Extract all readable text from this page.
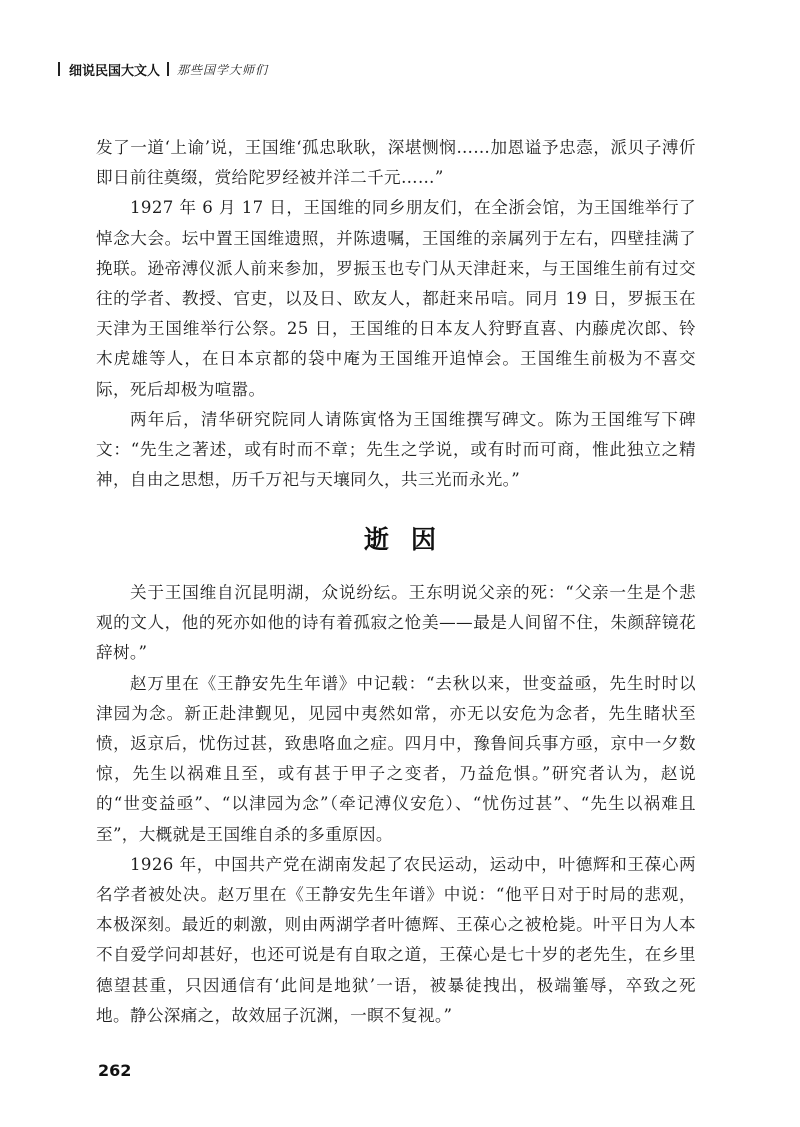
细说民国大文人 那些国学大师们

发了一道‘上谕’说，王国维‘孤忠耿耿，深堪恻悯……加恩谥予忠悫，派贝子溥伒即日前往奠缀，赏给陀罗经被并洋二千元……”

1927 年 6 月 17 日，王国维的同乡朋友们，在全浙会馆，为王国维举行了悼念大会。坛中置王国维遗照，并陈遗嘱，王国维的亲属列于左右，四壁挂满了挽联。逊帝溥仪派人前来参加，罗振玉也专门从天津赶来，与王国维生前有过交往的学者、教授、官吏，以及日、欧友人，都赶来吊唁。同月 19 日，罗振玉在天津为王国维举行公祭。25 日，王国维的日本友人狩野直喜、内藤虎次郎、铃木虎雄等人，在日本京都的袋中庵为王国维开追悼会。王国维生前极为不喜交际，死后却极为喧嚣。

两年后，清华研究院同人请陈寅恪为王国维撰写碑文。陈为王国维写下碑文：“先生之著述，或有时而不章；先生之学说，或有时而可商，惟此独立之精神，自由之思想，历千万祀与天壤同久，共三光而永光。”

逝因

关于王国维自沉昆明湖，众说纷纭。王东明说父亲的死：“父亲一生是个悲观的文人，他的死亦如他的诗有着孤寂之怆美——最是人间留不住，朱颜辞镜花辞树。”

赵万里在《王静安先生年谱》中记载：“去秋以来，世变益亟，先生时时以津园为念。新正赴津觐见，见园中夷然如常，亦无以安危为念者，先生睹状至愤，返京后，忧伤过甚，致患咯血之症。四月中，豫鲁间兵事方亟，京中一夕数惊，先生以祸难且至，或有甚于甲子之变者，乃益危惧。”研究者认为，赵说的“世变益亟”、“以津园为念”（牵记溥仪安危）、“忧伤过甚”、“先生以祸难且至”，大概就是王国维自杀的多重原因。

1926 年，中国共产党在湖南发起了农民运动，运动中，叶德辉和王葆心两名学者被处决。赵万里在《王静安先生年谱》中说：“他平日对于时局的悲观，本极深刻。最近的刺激，则由两湖学者叶德辉、王葆心之被枪毙。叶平日为人本不自爱学问却甚好，也还可说是有自取之道，王葆心是七十岁的老先生，在乡里德望甚重，只因通信有‘此间是地狱’一语，被暴徒拽出，极端箠辱，卒致之死地。静公深痛之，故效屈子沉渊，一瞑不复视。”

262
